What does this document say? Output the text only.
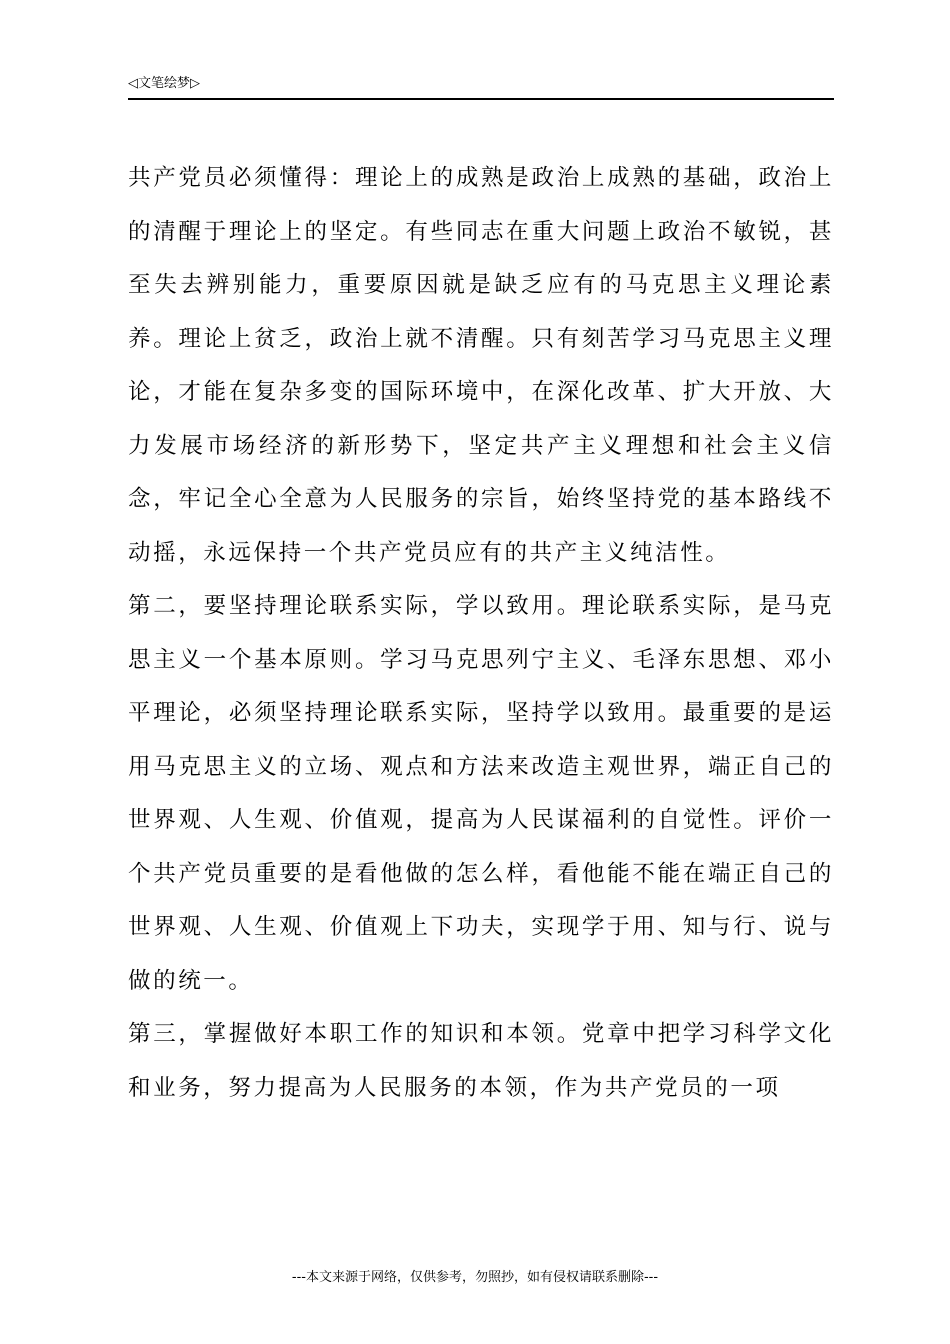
◁文笔绘梦▷

共产党员必须懂得：理论上的成熟是政治上成熟的基础，政治上的清醒于理论上的坚定。有些同志在重大问题上政治不敏锐，甚至失去辨别能力，重要原因就是缺乏应有的马克思主义理论素养。理论上贫乏，政治上就不清醒。只有刻苦学习马克思主义理论，才能在复杂多变的国际环境中，在深化改革、扩大开放、大力发展市场经济的新形势下，坚定共产主义理想和社会主义信念，牢记全心全意为人民服务的宗旨，始终坚持党的基本路线不动摇，永远保持一个共产党员应有的共产主义纯洁性。

第二，要坚持理论联系实际，学以致用。理论联系实际，是马克思主义一个基本原则。学习马克思列宁主义、毛泽东思想、邓小平理论，必须坚持理论联系实际，坚持学以致用。最重要的是运用马克思主义的立场、观点和方法来改造主观世界，端正自己的世界观、人生观、价值观，提高为人民谋福利的自觉性。评价一个共产党员重要的是看他做的怎么样，看他能不能在端正自己的世界观、人生观、价值观上下功夫，实现学于用、知与行、说与做的统一。

第三，掌握做好本职工作的知识和本领。党章中把学习科学文化和业务，努力提高为人民服务的本领，作为共产党员的一项

---本文来源于网络，仅供参考，勿照抄，如有侵权请联系删除---
